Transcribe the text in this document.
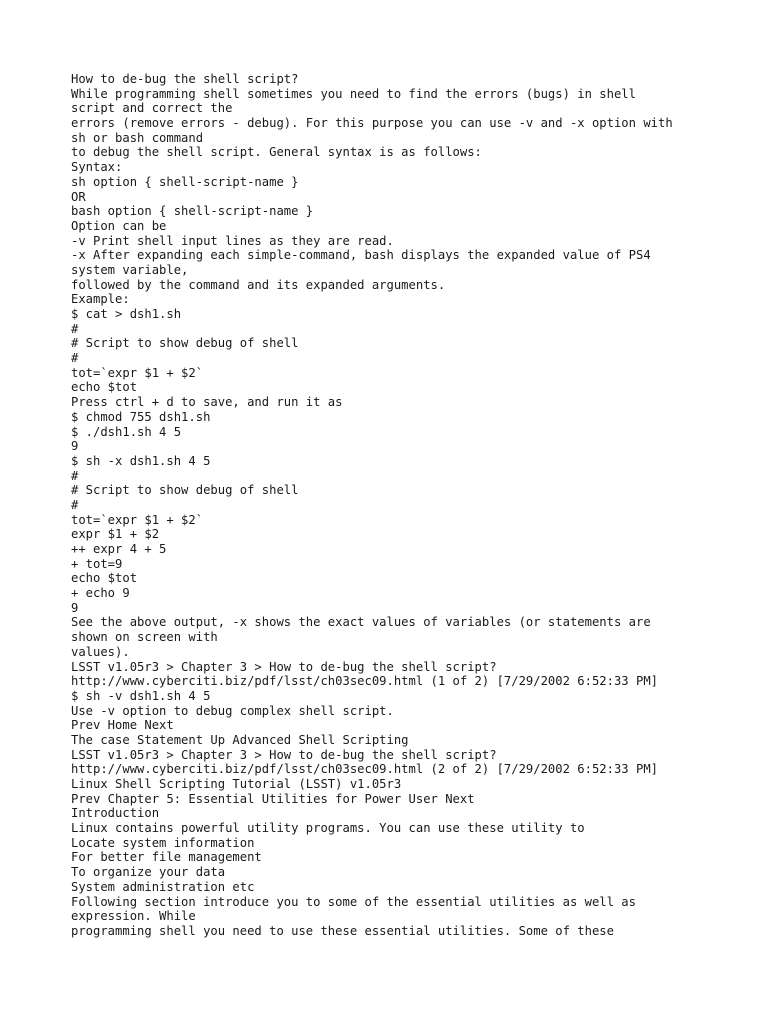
How to de-bug the shell script?
While programming shell sometimes you need to find the errors (bugs) in shell
script and correct the
errors (remove errors - debug). For this purpose you can use -v and -x option with
sh or bash command
to debug the shell script. General syntax is as follows:
Syntax:
sh option { shell-script-name }
OR
bash option { shell-script-name }
Option can be
-v Print shell input lines as they are read.
-x After expanding each simple-command, bash displays the expanded value of PS4
system variable,
followed by the command and its expanded arguments.
Example:
$ cat > dsh1.sh
#
# Script to show debug of shell
#
tot=`expr $1 + $2`
echo $tot
Press ctrl + d to save, and run it as
$ chmod 755 dsh1.sh
$ ./dsh1.sh 4 5
9
$ sh -x dsh1.sh 4 5
#
# Script to show debug of shell
#
tot=`expr $1 + $2`
expr $1 + $2
++ expr 4 + 5
+ tot=9
echo $tot
+ echo 9
9
See the above output, -x shows the exact values of variables (or statements are
shown on screen with
values).
LSST v1.05r3 > Chapter 3 > How to de-bug the shell script?
http://www.cyberciti.biz/pdf/lsst/ch03sec09.html (1 of 2) [7/29/2002 6:52:33 PM]
$ sh -v dsh1.sh 4 5
Use -v option to debug complex shell script.
Prev Home Next
The case Statement Up Advanced Shell Scripting
LSST v1.05r3 > Chapter 3 > How to de-bug the shell script?
http://www.cyberciti.biz/pdf/lsst/ch03sec09.html (2 of 2) [7/29/2002 6:52:33 PM]
Linux Shell Scripting Tutorial (LSST) v1.05r3
Prev Chapter 5: Essential Utilities for Power User Next
Introduction
Linux contains powerful utility programs. You can use these utility to
Locate system information
For better file management
To organize your data
System administration etc
Following section introduce you to some of the essential utilities as well as
expression. While
programming shell you need to use these essential utilities. Some of these
